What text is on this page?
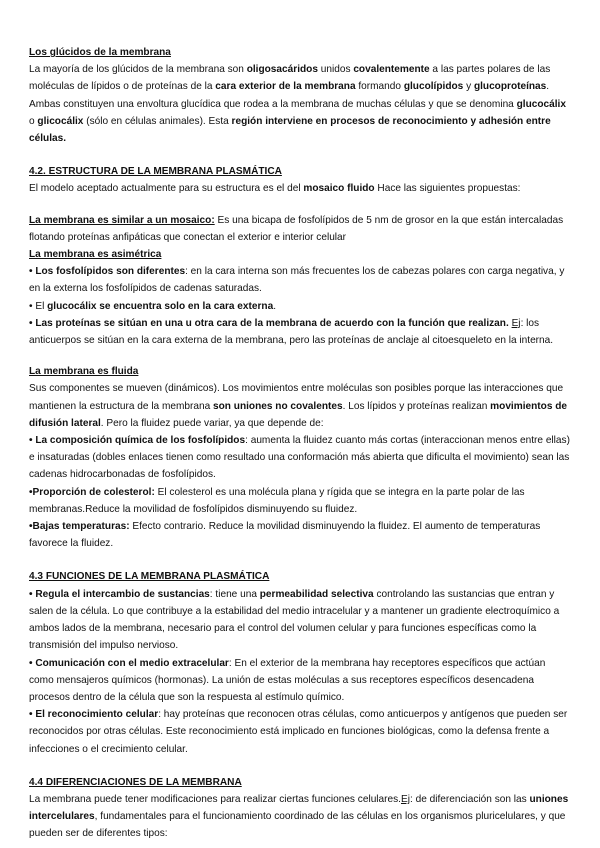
Los glúcidos de la membrana

La mayoría de los glúcidos de la membrana son oligosacáridos unidos covalentemente a las partes polares de las moléculas de lípidos o de proteínas de la cara exterior de la membrana formando glucolípidos y glucoproteínas. Ambas constituyen una envoltura glucídica que rodea a la membrana de muchas células y que se denomina glucocálix o glicocálix (sólo en células animales). Esta región interviene en procesos de reconocimiento y adhesión entre células.

4.2. ESTRUCTURA DE LA MEMBRANA PLASMÁTICA

El modelo aceptado actualmente para su estructura es el del mosaico fluido Hace las siguientes propuestas:

La membrana es similar a un mosaico: Es una bicapa de fosfolípidos de 5 nm de grosor en la que están intercaladas flotando proteínas anfipáticas que conectan el exterior e interior celular

La membrana es asimétrica

• Los fosfolípidos son diferentes: en la cara interna son más frecuentes los de cabezas polares con carga negativa, y en la externa los fosfolípidos de cadenas saturadas.

• El glucocálix se encuentra solo en la cara externa.

• Las proteínas se sitúan en una u otra cara de la membrana de acuerdo con la función que realizan. Ej: los anticuerpos se sitúan en la cara externa de la membrana, pero las proteínas de anclaje al citoesqueleto en la interna.

La membrana es fluida

Sus componentes se mueven (dinámicos). Los movimientos entre moléculas son posibles porque las interacciones que mantienen la estructura de la membrana son uniones no covalentes. Los lípidos y proteínas realizan movimientos de difusión lateral. Pero la fluidez puede variar, ya que depende de:

• La composición química de los fosfolípidos: aumenta la fluidez cuanto más cortas (interaccionan menos entre ellas) e insaturadas (dobles enlaces tienen como resultado una conformación más abierta que dificulta el movimiento) sean las cadenas hidrocarbonadas de fosfolípidos.

•Proporción de colesterol: El colesterol es una molécula plana y rígida que se integra en la parte polar de las membranas.Reduce la movilidad de fosfolípidos disminuyendo su fluidez.

•Bajas temperaturas: Efecto contrario. Reduce la movilidad disminuyendo la fluidez. El aumento de temperaturas favorece la fluidez.

4.3 FUNCIONES DE LA MEMBRANA PLASMÁTICA

• Regula el intercambio de sustancias: tiene una permeabilidad selectiva controlando las sustancias que entran y salen de la célula. Lo que contribuye a la estabilidad del medio intracelular y a mantener un gradiente electroquímico a ambos lados de la membrana, necesario para el control del volumen celular y para funciones específicas como la transmisión del impulso nervioso.

• Comunicación con el medio extracelular: En el exterior de la membrana hay receptores específicos que actúan como mensajeros químicos (hormonas). La unión de estas moléculas a sus receptores específicos desencadena procesos dentro de la célula que son la respuesta al estímulo químico.

• El reconocimiento celular: hay proteínas que reconocen otras células, como anticuerpos y antígenos que pueden ser reconocidos por otras células. Este reconocimiento está implicado en funciones biológicas, como la defensa frente a infecciones o el crecimiento celular.

4.4 DIFERENCIACIONES DE LA MEMBRANA

La membrana puede tener modificaciones para realizar ciertas funciones celulares.Ej: de diferenciación son las uniones intercelulares, fundamentales para el funcionamiento coordinado de las células en los organismos pluricelulares, y que pueden ser de diferentes tipos:
